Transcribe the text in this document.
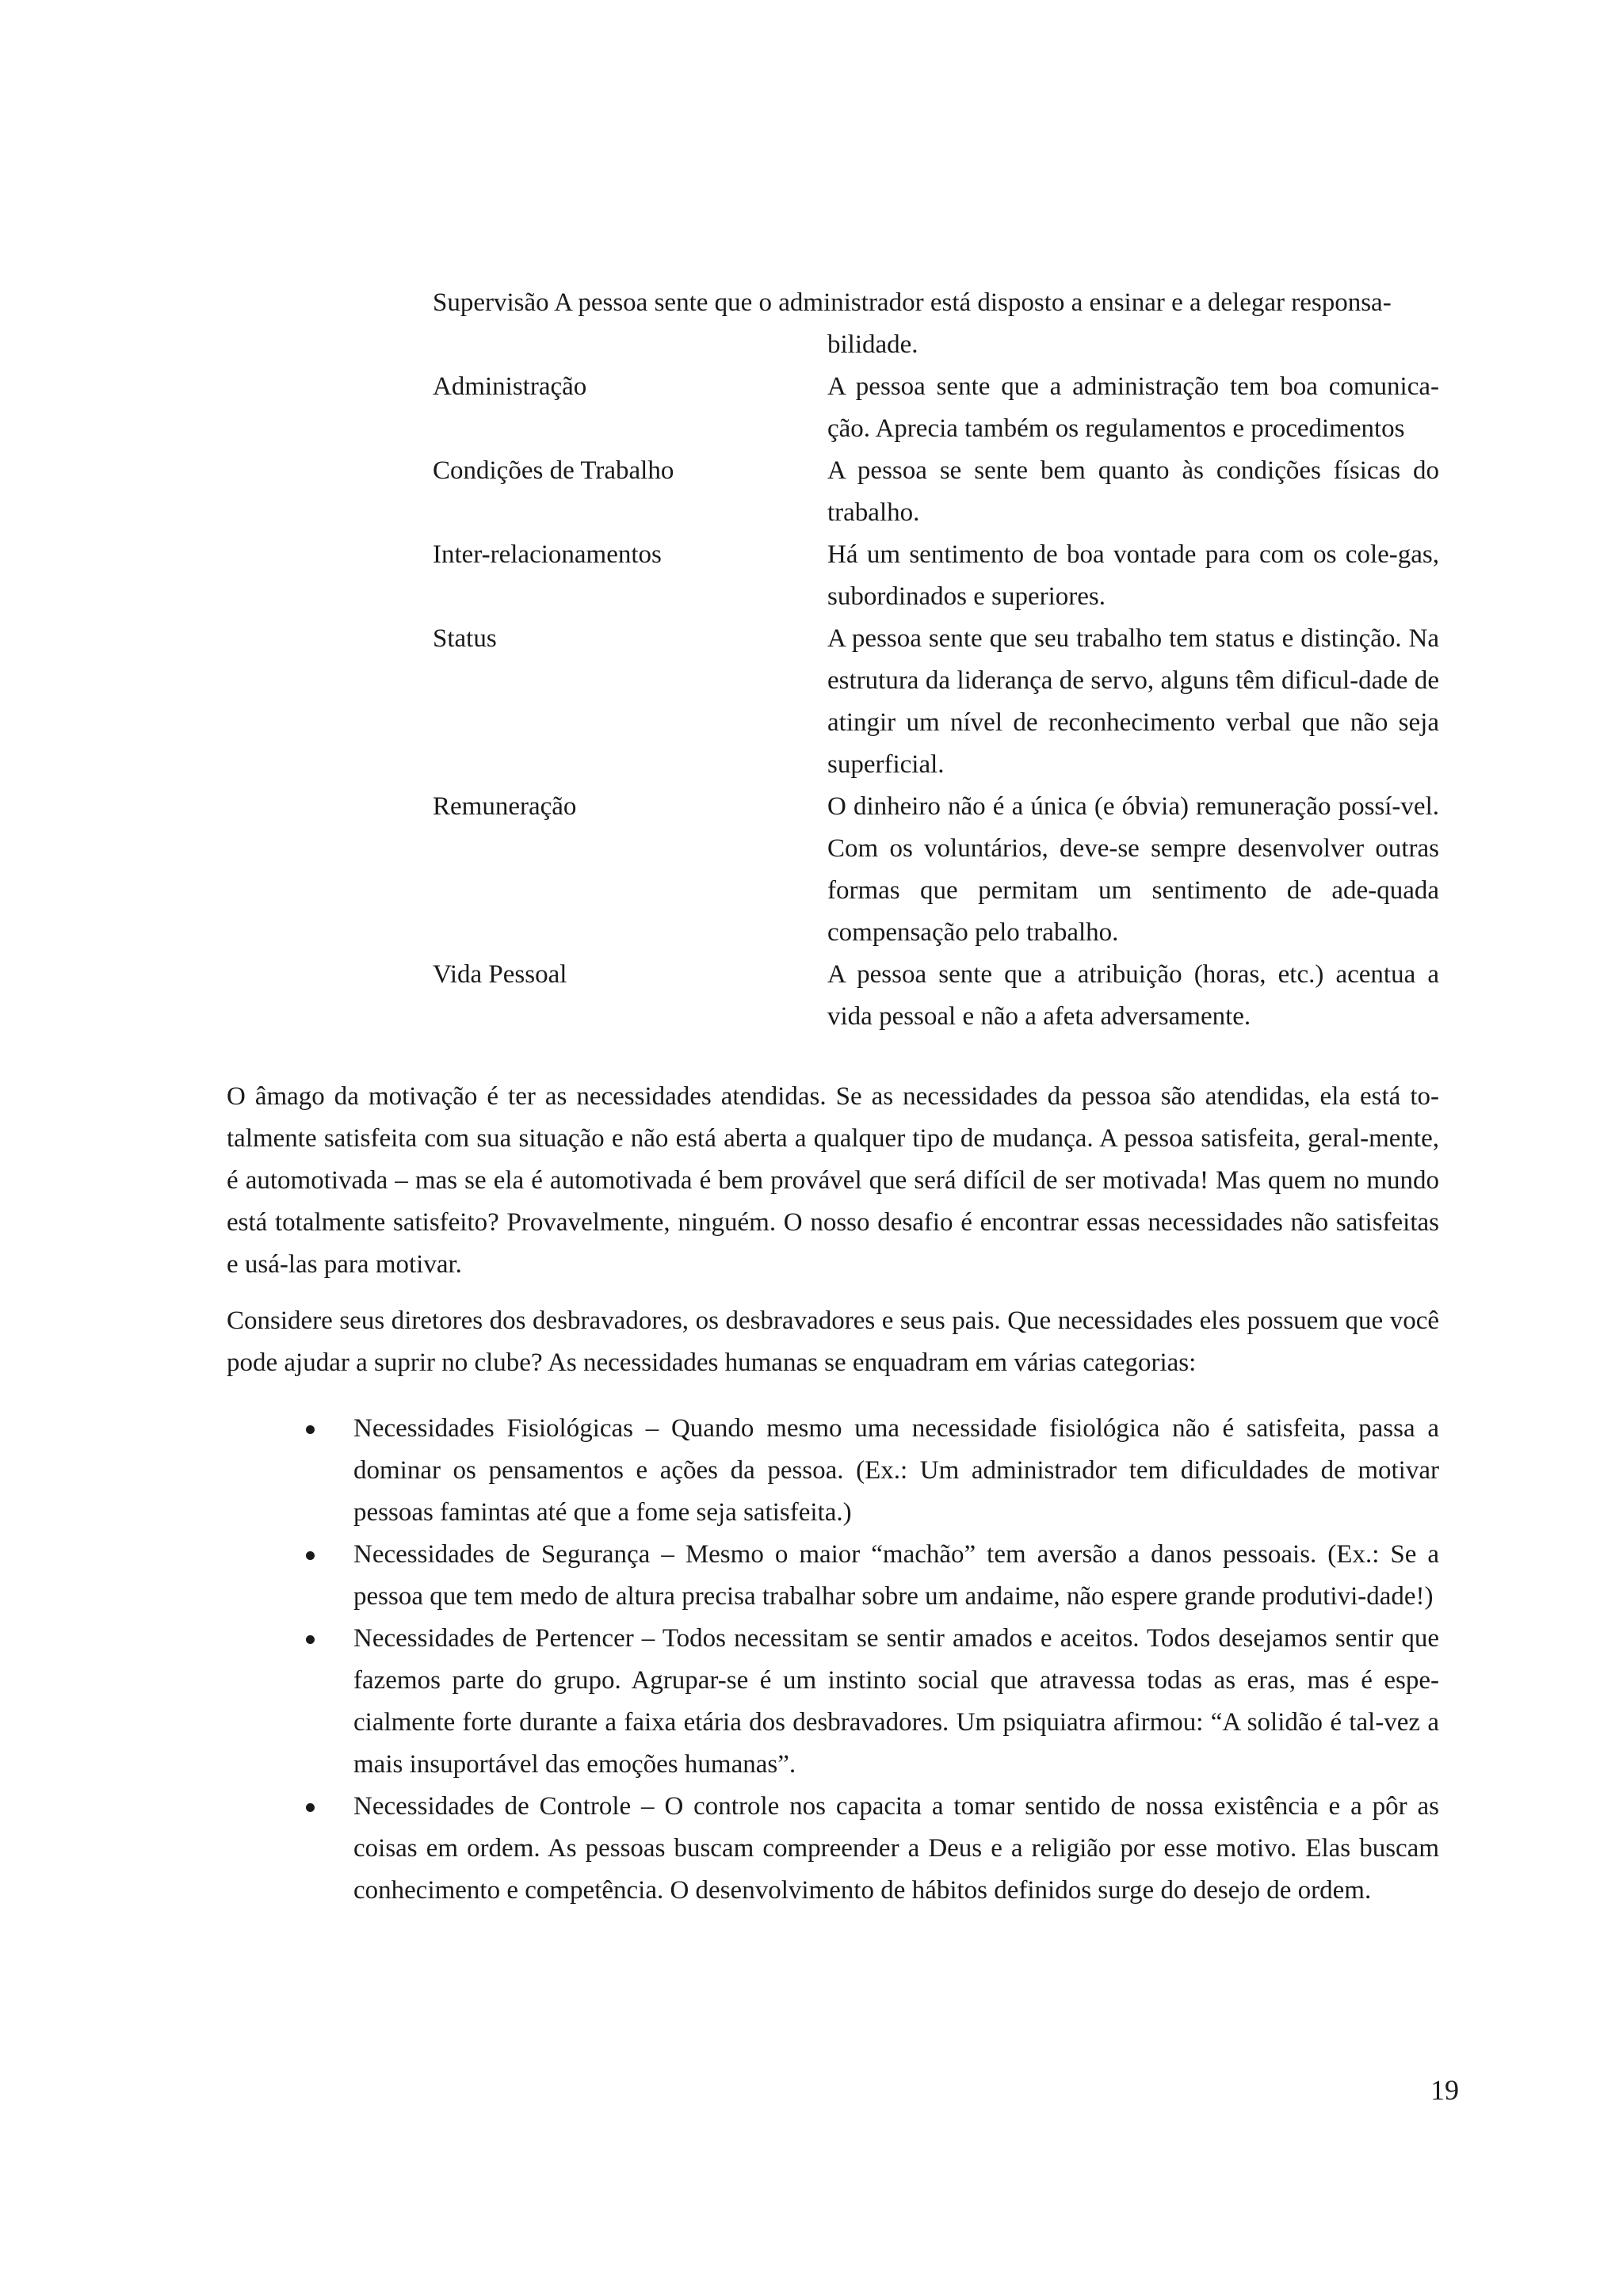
Supervisão A pessoa sente que o administrador está disposto a ensinar e a delegar responsa-
bilidade.
Administração	A pessoa sente que a administração tem boa comunica-ção. Aprecia também os regulamentos e procedimentos
Condições de Trabalho	A pessoa se sente bem quanto às condições físicas do trabalho.
Inter-relacionamentos	Há um sentimento de boa vontade para com os cole-gas, subordinados e superiores.
Status	A pessoa sente que seu trabalho tem status e distinção. Na estrutura da liderança de servo, alguns têm dificul-dade de atingir um nível de reconhecimento verbal que não seja superficial.
Remuneração	O dinheiro não é a única (e óbvia) remuneração possí-vel. Com os voluntários, deve-se sempre desenvolver outras formas que permitam um sentimento de ade-quada compensação pelo trabalho.
Vida Pessoal	A pessoa sente que a atribuição (horas, etc.) acentua a vida pessoal e não a afeta adversamente.

O âmago da motivação é ter as necessidades atendidas. Se as necessidades da pessoa são atendidas, ela está to-talmente satisfeita com sua situação e não está aberta a qualquer tipo de mudança. A pessoa satisfeita, geral-mente, é automotivada – mas se ela é automotivada é bem provável que será difícil de ser motivada! Mas quem no mundo está totalmente satisfeito? Provavelmente, ninguém. O nosso desafio é encontrar essas necessidades não satisfeitas e usá-las para motivar.

Considere seus diretores dos desbravadores, os desbravadores e seus pais. Que necessidades eles possuem que você pode ajudar a suprir no clube? As necessidades humanas se enquadram em várias categorias:

Necessidades Fisiológicas – Quando mesmo uma necessidade fisiológica não é satisfeita, passa a dominar os pensamentos e ações da pessoa. (Ex.: Um administrador tem dificuldades de motivar pessoas famintas até que a fome seja satisfeita.)
Necessidades de Segurança – Mesmo o maior “machão” tem aversão a danos pessoais. (Ex.: Se a pessoa que tem medo de altura precisa trabalhar sobre um andaime, não espere grande produtivi-dade!)
Necessidades de Pertencer – Todos necessitam se sentir amados e aceitos. Todos desejamos sentir que fazemos parte do grupo. Agrupar-se é um instinto social que atravessa todas as eras, mas é espe-cialmente forte durante a faixa etária dos desbravadores. Um psiquiatra afirmou: “A solidão é tal-vez a mais insuportável das emoções humanas”.
Necessidades de Controle – O controle nos capacita a tomar sentido de nossa existência e a pôr as coisas em ordem. As pessoas buscam compreender a Deus e a religião por esse motivo. Elas buscam conhecimento e competência. O desenvolvimento de hábitos definidos surge do desejo de ordem.
19
